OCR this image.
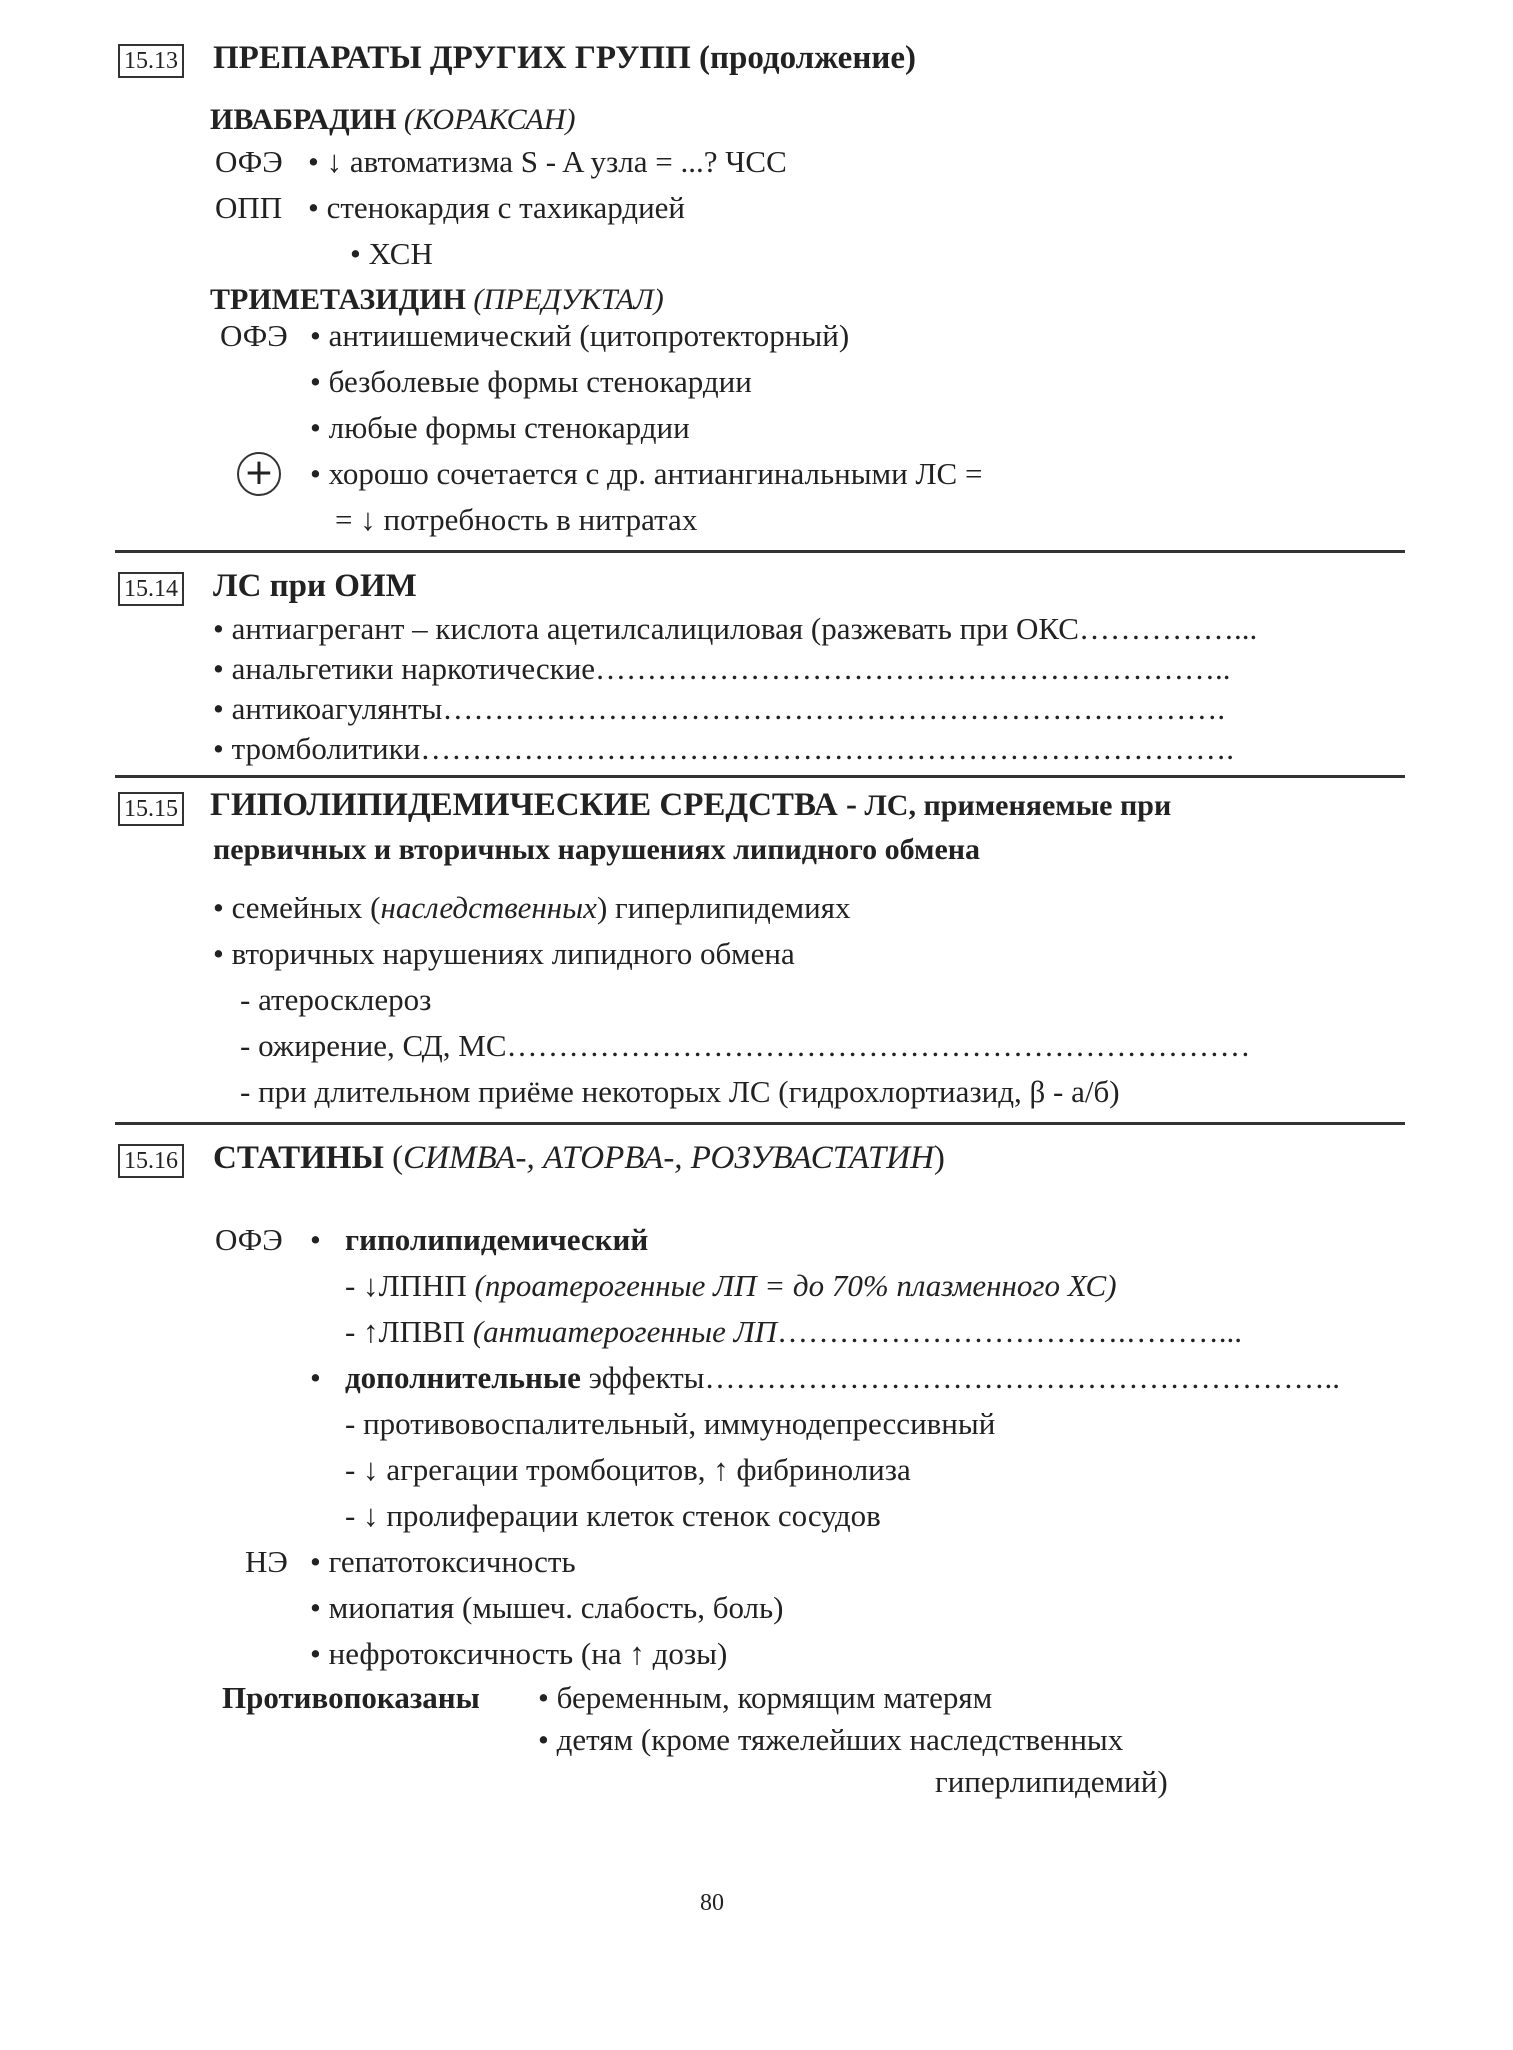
15.13 ПРЕПАРАТЫ ДРУГИХ ГРУПП (продолжение)
ИВАБРАДИН (КОРАКСАН)
ОФЭ • ↓ автоматизма S - A узла = ...? ЧСС
ОПП • стенокардия с тахикардией
• ХСН
ТРИМЕТАЗИДИН (ПРЕДУКТАЛ)
ОФЭ • антиишемический (цитопротекторный)
• безболевые формы стенокардии
• любые формы стенокардии
+ • хорошо сочетается с др. антиангинальными ЛС =
= ↓ потребность в нитратах
15.14 ЛС при ОИМ
• антиагрегант – кислота ацетилсалициловая (разжевать при ОКС……………...
• анальгетики наркотические……………………………………………………..
• антикоагулянты………………………………………………………………….
• тромболитики…………………………………………………………………….
15.15 ГИПОЛИПИДЕМИЧЕСКИЕ СРЕДСТВА - ЛС, применяемые при
первичных и вторичных нарушениях липидного обмена
• семейных (наследственных) гиперлипидемиях
• вторичных нарушениях липидного обмена
- атеросклероз
- ожирение, СД, МС………………………………………………………………
- при длительном приёме некоторых ЛС (гидрохлортиазид, β - а/б)
15.16 СТАТИНЫ (СИМВА-, АТОРВА-, РОЗУВАСТАТИН)
ОФЭ • гиполипидемический
- ↓ЛПНП (проатерогенные ЛП = до 70% плазменного ХС)
- ↑ЛПВП (антиатерогенные ЛП…………………………….………...
• дополнительные эффекты……………………………………………………..
- противовоспалительный, иммунодепрессивный
- ↓ агрегации тромбоцитов, ↑ фибринолиза
- ↓ пролиферации клеток стенок сосудов
НЭ • гепатотоксичность
• миопатия (мышеч. слабость, боль)
• нефротоксичность (на ↑ дозы)
Противопоказаны • беременным, кормящим матерям
• детям (кроме тяжелейших наследственных
гиперлипидемий)
80
